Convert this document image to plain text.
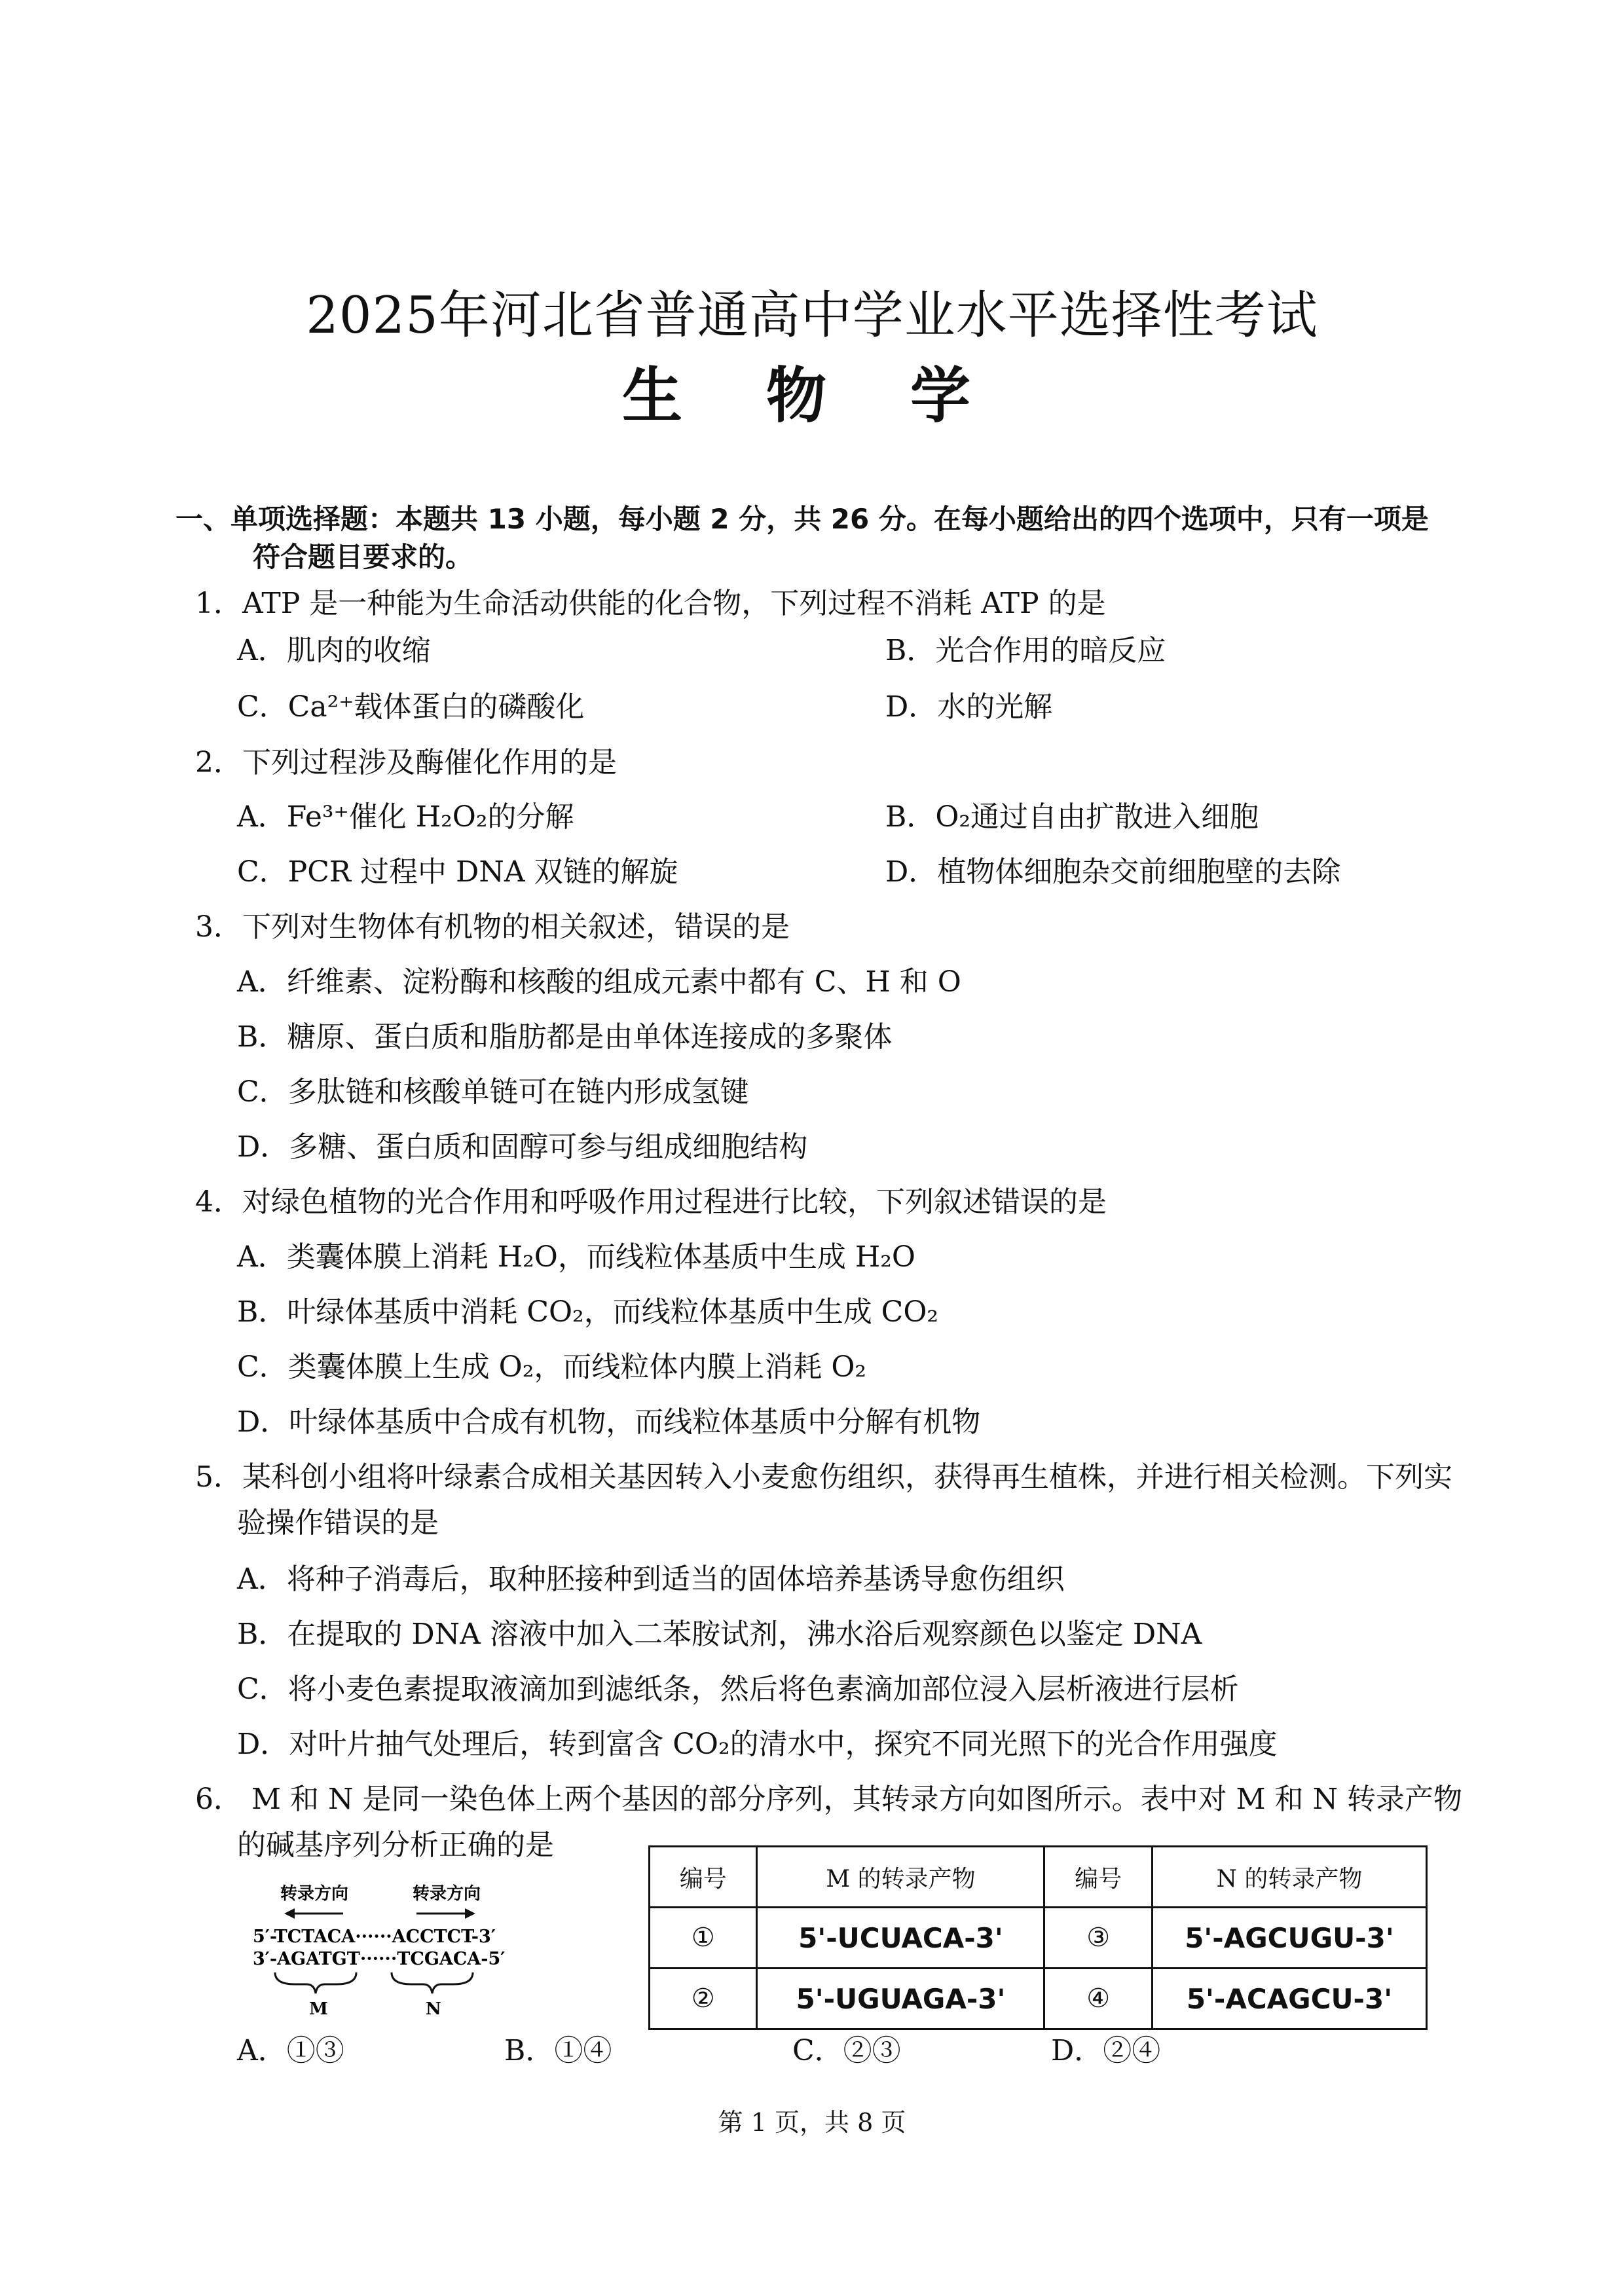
2025年河北省普通高中学业水平选择性考试
生 物 学
一、单项选择题：本题共 13 小题，每小题 2 分，共 26 分。在每小题给出的四个选项中，只有一项是
符合题目要求的。
1．ATP 是一种能为生命活动供能的化合物，下列过程不消耗 ATP 的是
A．肌肉的收缩	B．光合作用的暗反应
C．Ca²⁺载体蛋白的磷酸化	D．水的光解
2．下列过程涉及酶催化作用的是
A．Fe³⁺催化 H₂O₂的分解	B．O₂通过自由扩散进入细胞
C．PCR 过程中 DNA 双链的解旋	D．植物体细胞杂交前细胞壁的去除
3．下列对生物体有机物的相关叙述，错误的是
A．纤维素、淀粉酶和核酸的组成元素中都有 C、H 和 O
B．糖原、蛋白质和脂肪都是由单体连接成的多聚体
C．多肽链和核酸单链可在链内形成氢键
D．多糖、蛋白质和固醇可参与组成细胞结构
4．对绿色植物的光合作用和呼吸作用过程进行比较，下列叙述错误的是
A．类囊体膜上消耗 H₂O，而线粒体基质中生成 H₂O
B．叶绿体基质中消耗 CO₂，而线粒体基质中生成 CO₂
C．类囊体膜上生成 O₂，而线粒体内膜上消耗 O₂
D．叶绿体基质中合成有机物，而线粒体基质中分解有机物
5．某科创小组将叶绿素合成相关基因转入小麦愈伤组织，获得再生植株，并进行相关检测。下列实
验操作错误的是
A．将种子消毒后，取种胚接种到适当的固体培养基诱导愈伤组织
B．在提取的 DNA 溶液中加入二苯胺试剂，沸水浴后观察颜色以鉴定 DNA
C．将小麦色素提取液滴加到滤纸条，然后将色素滴加部位浸入层析液进行层析
D．对叶片抽气处理后，转到富含 CO₂的清水中，探究不同光照下的光合作用强度
6． M 和 N 是同一染色体上两个基因的部分序列，其转录方向如图所示。表中对 M 和 N 转录产物
的碱基序列分析正确的是
转录方向	转录方向
5′-TCTACA······ACCTCT-3′
3′-AGATGT······TCGACA-5′
M	N
编号	M 的转录产物	编号	N 的转录产物
①	5'-UCUACA-3'	③	5'-AGCUGU-3'
②	5'-UGUAGA-3'	④	5'-ACAGCU-3'
A．①③	B．①④	C．②③	D．②④
第 1 页，共 8 页
